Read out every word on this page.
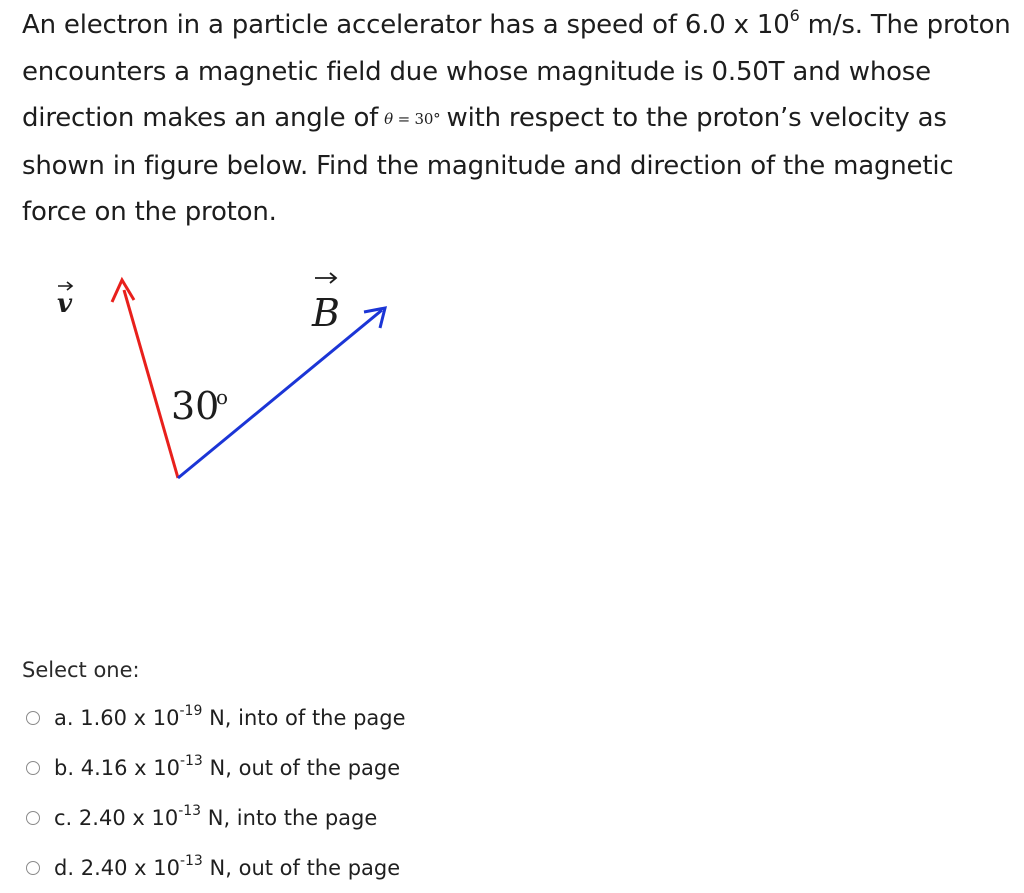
An electron in a particle accelerator has a speed of 6.0 x $10^6$ m/s. The proton encounters a magnetic field due whose magnitude is 0.50T and whose direction makes an angle of θ = 30° with respect to the proton’s velocity as shown in figure below. Find the magnitude and direction of the magnetic force on the proton.
v	B
30
o
Select one:
a. 1.60 x $10^{-19}$ N, into of the page
b. 4.16 x $10^{-13}$ N, out of the page
c. 2.40 x $10^{-13}$ N, into the page
d. 2.40 x $10^{-13}$ N, out of the page
